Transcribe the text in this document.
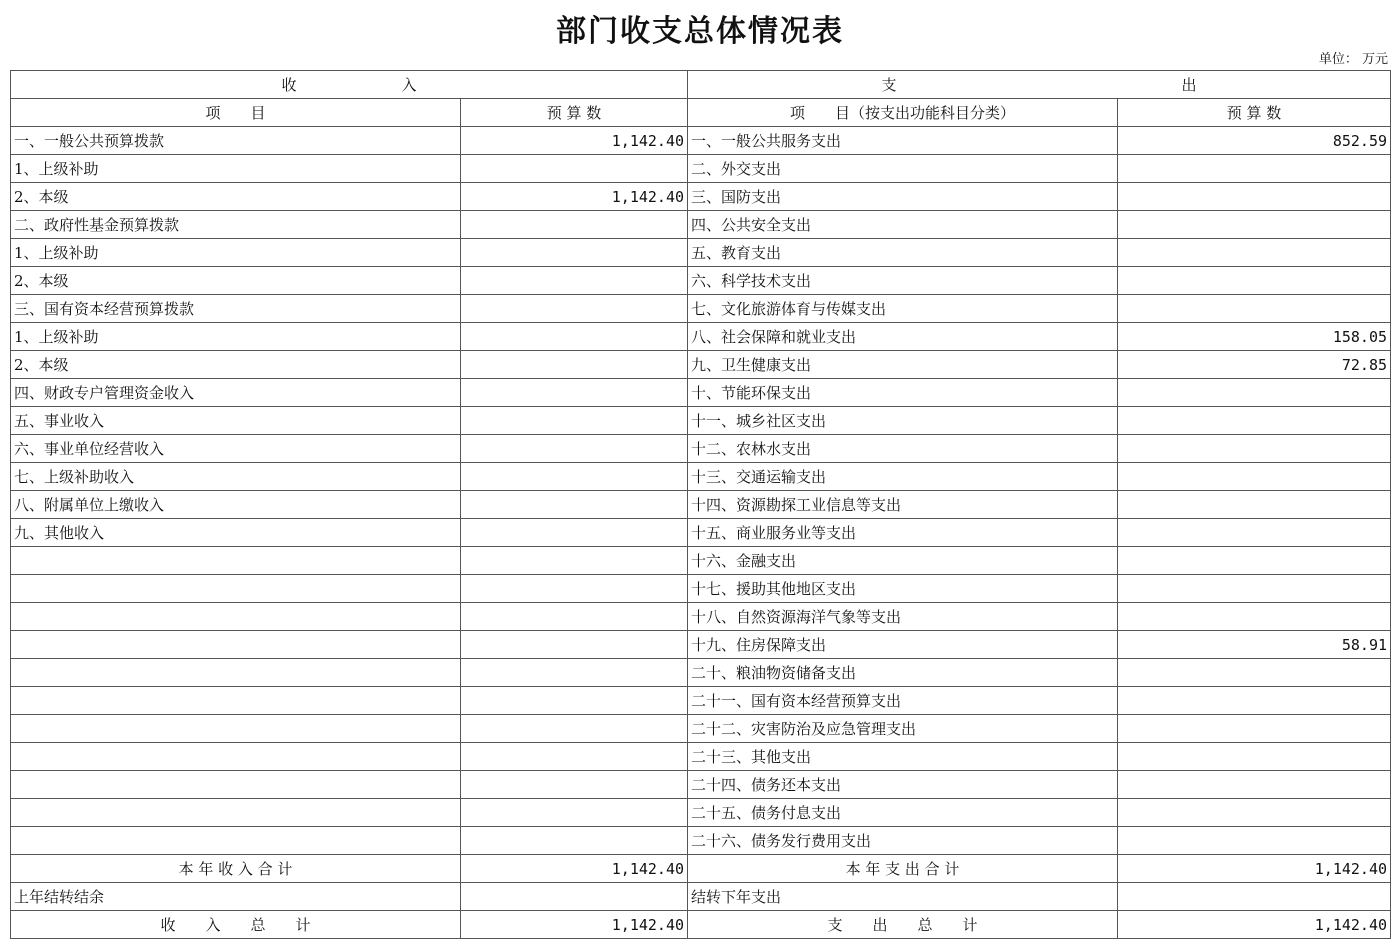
部门收支总体情况表
单位： 万元
收　　　　　　　入		支　　　　　　　　　　　　　　　　　　　出	
项　　目	预 算 数	项　　目（按支出功能科目分类）	预 算 数
一、一般公共预算拨款	1,142.40	一、一般公共服务支出	852.59
1、上级补助		二、外交支出	
2、本级	1,142.40	三、国防支出	
二、政府性基金预算拨款		四、公共安全支出	
1、上级补助		五、教育支出	
2、本级		六、科学技术支出	
三、国有资本经营预算拨款		七、文化旅游体育与传媒支出	
1、上级补助		八、社会保障和就业支出	158.05
2、本级		九、卫生健康支出	72.85
四、财政专户管理资金收入		十、节能环保支出	
五、事业收入		十一、城乡社区支出	
六、事业单位经营收入		十二、农林水支出	
七、上级补助收入		十三、交通运输支出	
八、附属单位上缴收入		十四、资源勘探工业信息等支出	
九、其他收入		十五、商业服务业等支出	
		十六、金融支出	
		十七、援助其他地区支出	
		十八、自然资源海洋气象等支出	
		十九、住房保障支出	58.91
		二十、粮油物资储备支出	
		二十一、国有资本经营预算支出	
		二十二、灾害防治及应急管理支出	
		二十三、其他支出	
		二十四、债务还本支出	
		二十五、债务付息支出	
		二十六、债务发行费用支出	
本 年 收 入 合 计	1,142.40	本 年 支 出 合 计	1,142.40
上年结转结余		结转下年支出	
收　　入　　总　　计	1,142.40	支　　出　　总　　计	1,142.40
